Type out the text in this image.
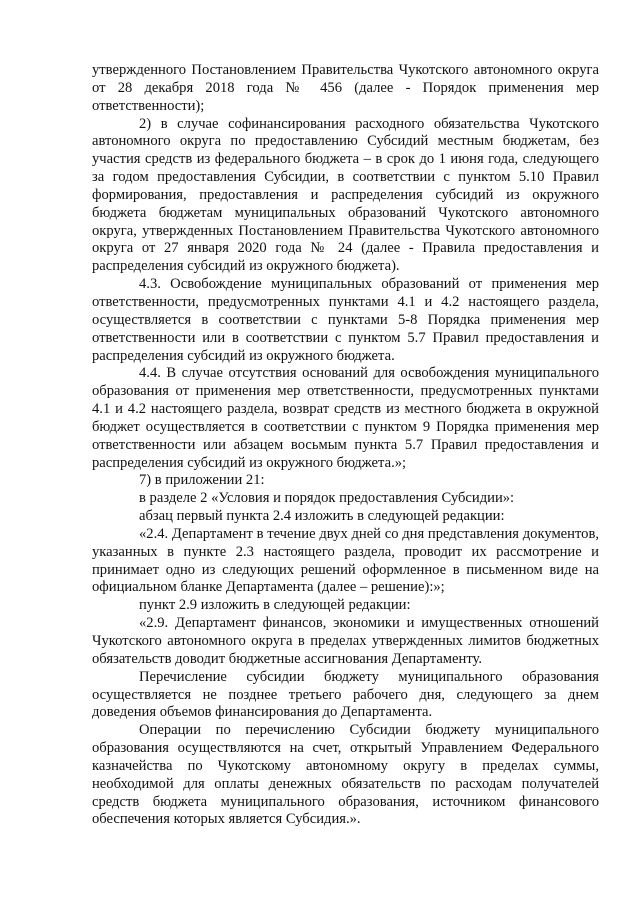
утвержденного Постановлением Правительства Чукотского автономного округа от 28 декабря 2018 года № 456 (далее - Порядок применения мер ответственности);

2) в случае софинансирования расходного обязательства Чукотского автономного округа по предоставлению Субсидий местным бюджетам, без участия средств из федерального бюджета – в срок до 1 июня года, следующего за годом предоставления Субсидии, в соответствии с пунктом 5.10 Правил формирования, предоставления и распределения субсидий из окружного бюджета бюджетам муниципальных образований Чукотского автономного округа, утвержденных Постановлением Правительства Чукотского автономного округа от 27 января 2020 года № 24 (далее - Правила предоставления и распределения субсидий из окружного бюджета).

4.3. Освобождение муниципальных образований от применения мер ответственности, предусмотренных пунктами 4.1 и 4.2 настоящего раздела, осуществляется в соответствии с пунктами 5-8 Порядка применения мер ответственности или в соответствии с пунктом 5.7 Правил предоставления и распределения субсидий из окружного бюджета.

4.4. В случае отсутствия оснований для освобождения муниципального образования от применения мер ответственности, предусмотренных пунктами 4.1 и 4.2 настоящего раздела, возврат средств из местного бюджета в окружной бюджет осуществляется в соответствии с пунктом 9 Порядка применения мер ответственности или абзацем восьмым пункта 5.7 Правил предоставления и распределения субсидий из окружного бюджета.»;

7) в приложении 21:

в разделе 2 «Условия и порядок предоставления Субсидии»:

абзац первый пункта 2.4 изложить в следующей редакции:

«2.4. Департамент в течение двух дней со дня представления документов, указанных в пункте 2.3 настоящего раздела, проводит их рассмотрение и принимает одно из следующих решений оформленное в письменном виде на официальном бланке Департамента (далее – решение):»;

пункт 2.9 изложить в следующей редакции:

«2.9. Департамент финансов, экономики и имущественных отношений Чукотского автономного округа в пределах утвержденных лимитов бюджетных обязательств доводит бюджетные ассигнования Департаменту.

Перечисление субсидии бюджету муниципального образования осуществляется не позднее третьего рабочего дня, следующего за днем доведения объемов финансирования до Департамента.

Операции по перечислению Субсидии бюджету муниципального образования осуществляются на счет, открытый Управлением Федерального казначейства по Чукотскому автономному округу в пределах суммы, необходимой для оплаты денежных обязательств по расходам получателей средств бюджета муниципального образования, источником финансового обеспечения которых является Субсидия.».
